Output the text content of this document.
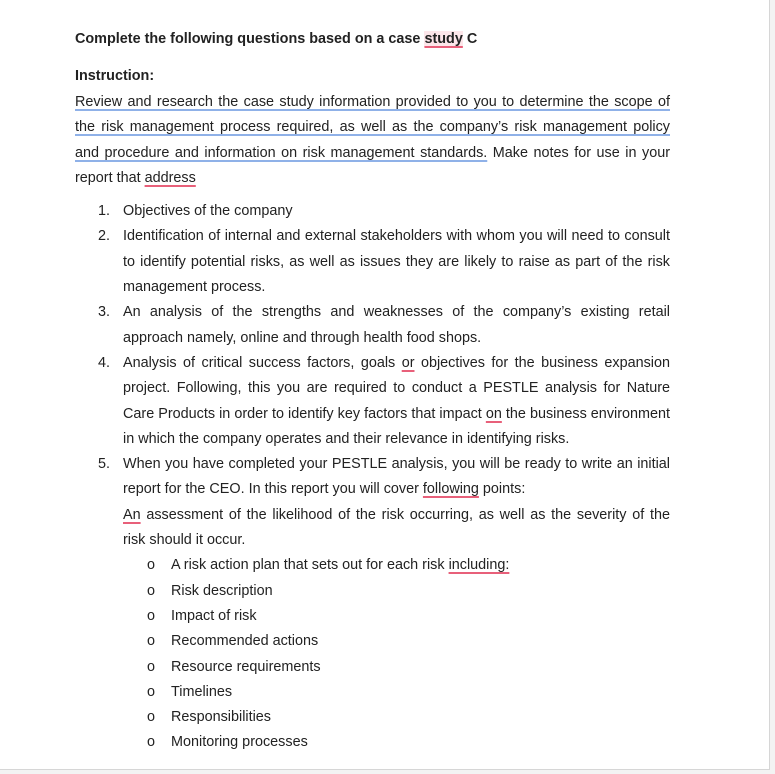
Complete the following questions based on a case study C

Instruction:
Review and research the case study information provided to you to determine the scope of the risk management process required, as well as the company’s risk management policy and procedure and information on risk management standards. Make notes for use in your report that address
1. Objectives of the company
2. Identification of internal and external stakeholders with whom you will need to consult to identify potential risks, as well as issues they are likely to raise as part of the risk management process.
3. An analysis of the strengths and weaknesses of the company’s existing retail approach namely, online and through health food shops.
4. Analysis of critical success factors, goals or objectives for the business expansion project. Following, this you are required to conduct a PESTLE analysis for Nature Care Products in order to identify key factors that impact on the business environment in which the company operates and their relevance in identifying risks.
5. When you have completed your PESTLE analysis, you will be ready to write an initial report for the CEO. In this report you will cover following points:
An assessment of the likelihood of the risk occurring, as well as the severity of the risk should it occur.
o A risk action plan that sets out for each risk including:
o Risk description
o Impact of risk
o Recommended actions
o Resource requirements
o Timelines
o Responsibilities
o Monitoring processes
